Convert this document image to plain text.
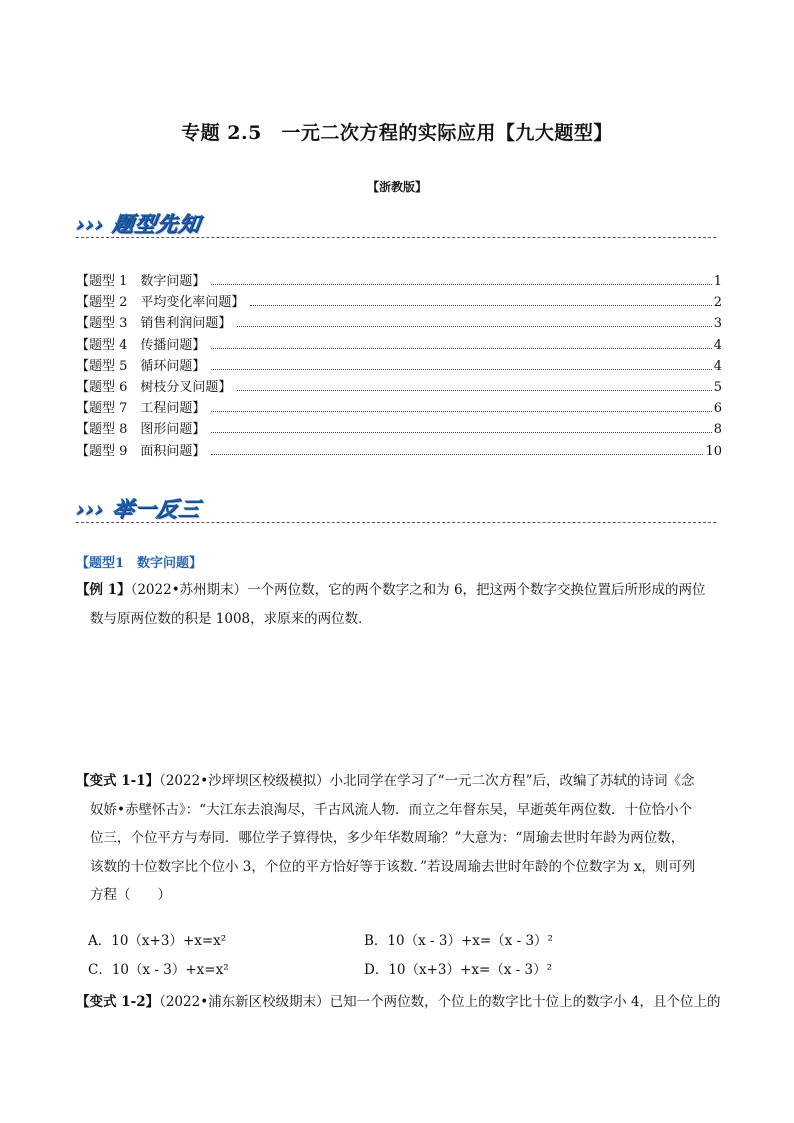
专题 2.5　一元二次方程的实际应用【九大题型】
【浙教版】
››› 题型先知
【题型 1　数字问题】	1
【题型 2　平均变化率问题】	2
【题型 3　销售利润问题】	3
【题型 4　传播问题】	4
【题型 5　循环问题】	4
【题型 6　树枝分叉问题】	5
【题型 7　工程问题】	6
【题型 8　图形问题】	8
【题型 9　面积问题】	10
››› 举一反三
【题型1　数字问题】
【例 1】（2022•苏州期末）一个两位数，它的两个数字之和为 6，把这两个数字交换位置后所形成的两位
数与原两位数的积是 1008，求原来的两位数．
【变式 1-1】（2022•沙坪坝区校级模拟）小北同学在学习了“一元二次方程”后，改编了苏轼的诗词《念
奴娇•赤壁怀古》：“大江东去浪淘尽，千古风流人物．而立之年督东吴，早逝英年两位数．十位恰小个
位三，个位平方与寿同．哪位学子算得快，多少年华数周瑜？”大意为：“周瑜去世时年龄为两位数，
该数的十位数字比个位小 3，个位的平方恰好等于该数．”若设周瑜去世时年龄的个位数字为 x，则可列
方程（　　）
A．10（x+3）+x=x²	B．10（x - 3）+x=（x - 3）²
C．10（x - 3）+x=x²	D．10（x+3）+x=（x - 3）²
【变式 1-2】（2022•浦东新区校级期末）已知一个两位数，个位上的数字比十位上的数字小 4，且个位上的
